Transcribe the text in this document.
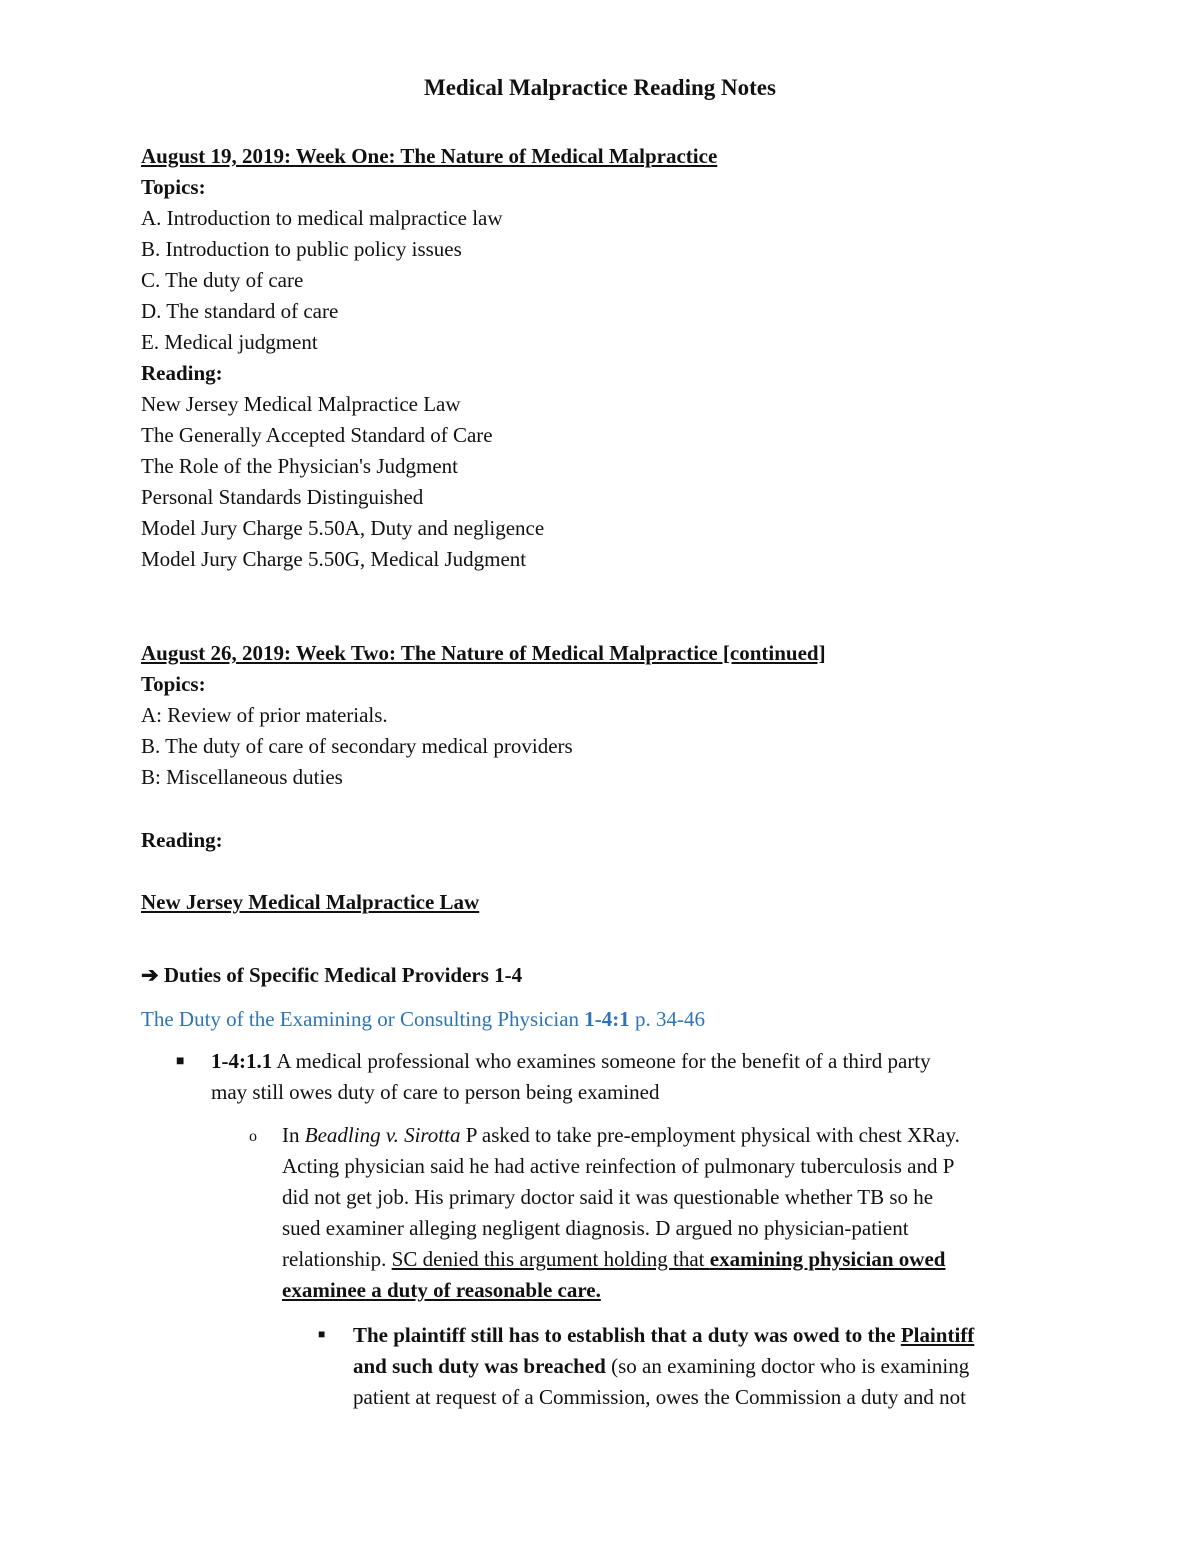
Medical Malpractice Reading Notes
August 19, 2019: Week One: The Nature of Medical Malpractice
Topics:
A. Introduction to medical malpractice law
B. Introduction to public policy issues
C. The duty of care
D. The standard of care
E. Medical judgment
Reading:
New Jersey Medical Malpractice Law
The Generally Accepted Standard of Care
The Role of the Physician's Judgment
Personal Standards Distinguished
Model Jury Charge 5.50A, Duty and negligence
Model Jury Charge 5.50G, Medical Judgment
August 26, 2019: Week Two: The Nature of Medical Malpractice [continued]
Topics:
A: Review of prior materials.
B. The duty of care of secondary medical providers
B: Miscellaneous duties
Reading:
New Jersey Medical Malpractice Law
➔ Duties of Specific Medical Providers 1-4
The Duty of the Examining or Consulting Physician 1-4:1 p. 34-46
■ 1-4:1.1 A medical professional who examines someone for the benefit of a third party
may still owes duty of care to person being examined
o In Beadling v. Sirotta P asked to take pre-employment physical with chest XRay.
Acting physician said he had active reinfection of pulmonary tuberculosis and P
did not get job. His primary doctor said it was questionable whether TB so he
sued examiner alleging negligent diagnosis. D argued no physician-patient
relationship. SC denied this argument holding that examining physician owed
examinee a duty of reasonable care.
■ The plaintiff still has to establish that a duty was owed to the Plaintiff
and such duty was breached (so an examining doctor who is examining
patient at request of a Commission, owes the Commission a duty and not
